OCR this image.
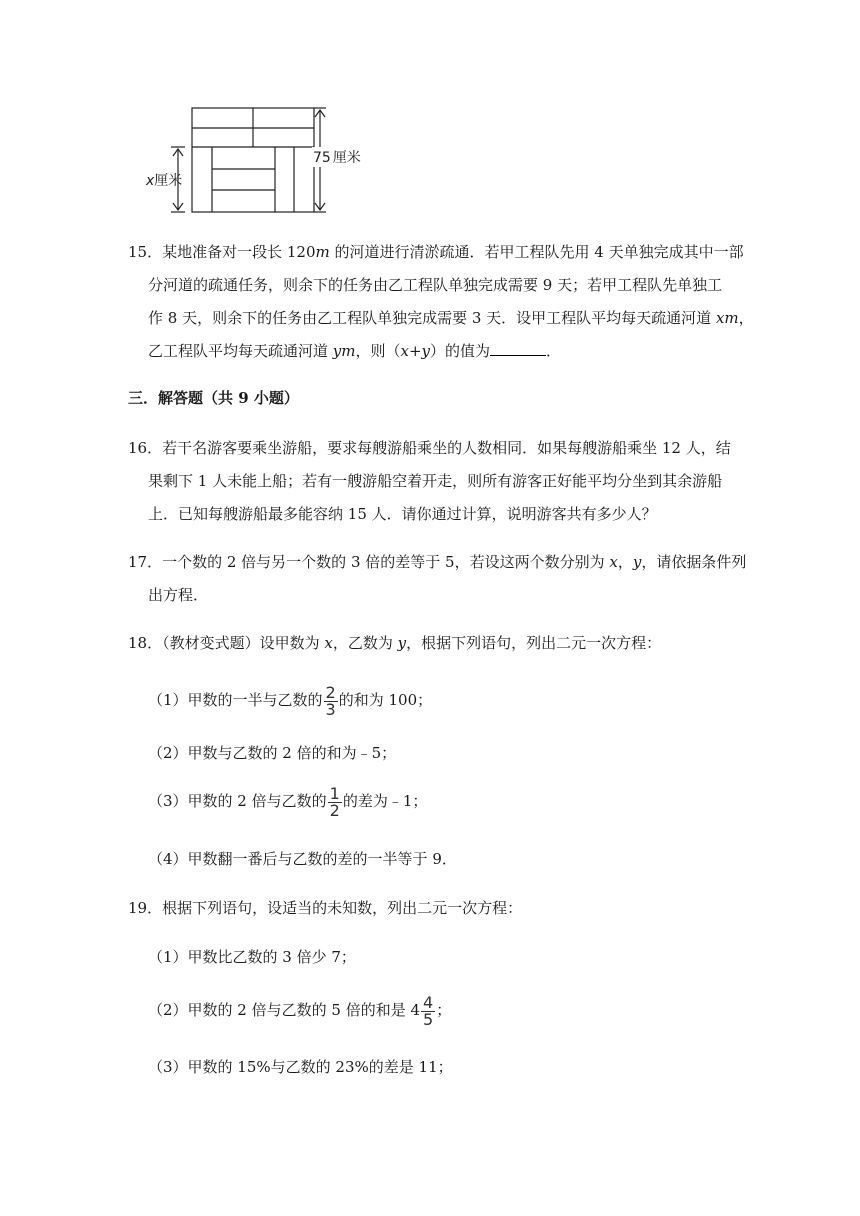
x厘米
75 厘米
15．某地准备对一段长 120m 的河道进行清淤疏通．若甲工程队先用 4 天单独完成其中一部
分河道的疏通任务，则余下的任务由乙工程队单独完成需要 9 天；若甲工程队先单独工
作 8 天，则余下的任务由乙工程队单独完成需要 3 天．设甲工程队平均每天疏通河道 xm，
乙工程队平均每天疏通河道 ym，则（x+y）的值为	．
三．解答题（共 9 小题）
16．若干名游客要乘坐游船，要求每艘游船乘坐的人数相同．如果每艘游船乘坐 12 人，结
果剩下 1 人未能上船；若有一艘游船空着开走，则所有游客正好能平均分坐到其余游船
上．已知每艘游船最多能容纳 15 人．请你通过计算，说明游客共有多少人？
17．一个数的 2 倍与另一个数的 3 倍的差等于 5，若设这两个数分别为 x，y，请依据条件列
出方程．
18．（教材变式题）设甲数为 x，乙数为 y，根据下列语句，列出二元一次方程：
（1）甲数的一半与乙数的 $\frac{2}{3}$ 的和为 100；
（2）甲数与乙数的 2 倍的和为﹣5；
（3）甲数的 2 倍与乙数的 $\frac{1}{2}$ 的差为﹣1；
（4）甲数翻一番后与乙数的差的一半等于 9．
19．根据下列语句，设适当的未知数，列出二元一次方程：
（1）甲数比乙数的 3 倍少 7；
（2）甲数的 2 倍与乙数的 5 倍的和是 $4 \frac{4}{5}$ ；
（3）甲数的 15%与乙数的 23%的差是 11；
